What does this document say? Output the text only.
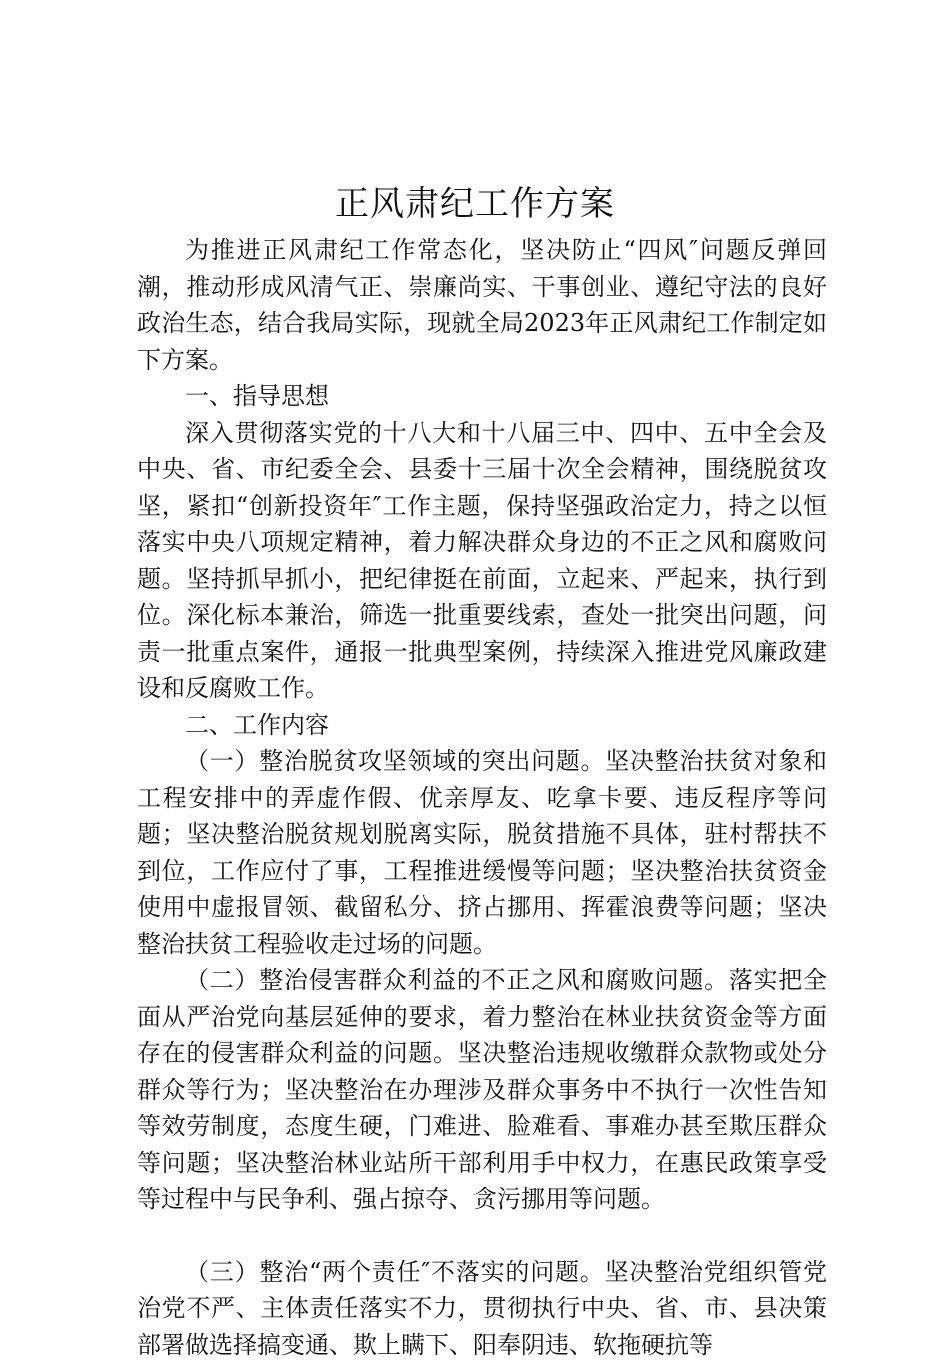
正风肃纪工作方案

为推进正风肃纪工作常态化，坚决防止“四风″问题反弹回潮，推动形成风清气正、崇廉尚实、干事创业、遵纪守法的良好政治生态，结合我局实际，现就全局2023年正风肃纪工作制定如下方案。

一、指导思想

深入贯彻落实党的十八大和十八届三中、四中、五中全会及中央、省、市纪委全会、县委十三届十次全会精神，围绕脱贫攻坚，紧扣“创新投资年″工作主题，保持坚强政治定力，持之以恒落实中央八项规定精神，着力解决群众身边的不正之风和腐败问题。坚持抓早抓小，把纪律挺在前面，立起来、严起来，执行到位。深化标本兼治，筛选一批重要线索，查处一批突出问题，问责一批重点案件，通报一批典型案例，持续深入推进党风廉政建设和反腐败工作。

二、工作内容

（一）整治脱贫攻坚领域的突出问题。坚决整治扶贫对象和工程安排中的弄虚作假、优亲厚友、吃拿卡要、违反程序等问题；坚决整治脱贫规划脱离实际，脱贫措施不具体，驻村帮扶不到位，工作应付了事，工程推进缓慢等问题；坚决整治扶贫资金使用中虚报冒领、截留私分、挤占挪用、挥霍浪费等问题；坚决整治扶贫工程验收走过场的问题。

（二）整治侵害群众利益的不正之风和腐败问题。落实把全面从严治党向基层延伸的要求，着力整治在林业扶贫资金等方面存在的侵害群众利益的问题。坚决整治违规收缴群众款物或处分群众等行为；坚决整治在办理涉及群众事务中不执行一次性告知等效劳制度，态度生硬，门难进、脸难看、事难办甚至欺压群众等问题；坚决整治林业站所干部利用手中权力，在惠民政策享受等过程中与民争利、强占掠夺、贪污挪用等问题。

（三）整治“两个责任″不落实的问题。坚决整治党组织管党治党不严、主体责任落实不力，贯彻执行中央、省、市、县决策部署做选择搞变通、欺上瞒下、阳奉阴违、软拖硬抗等
